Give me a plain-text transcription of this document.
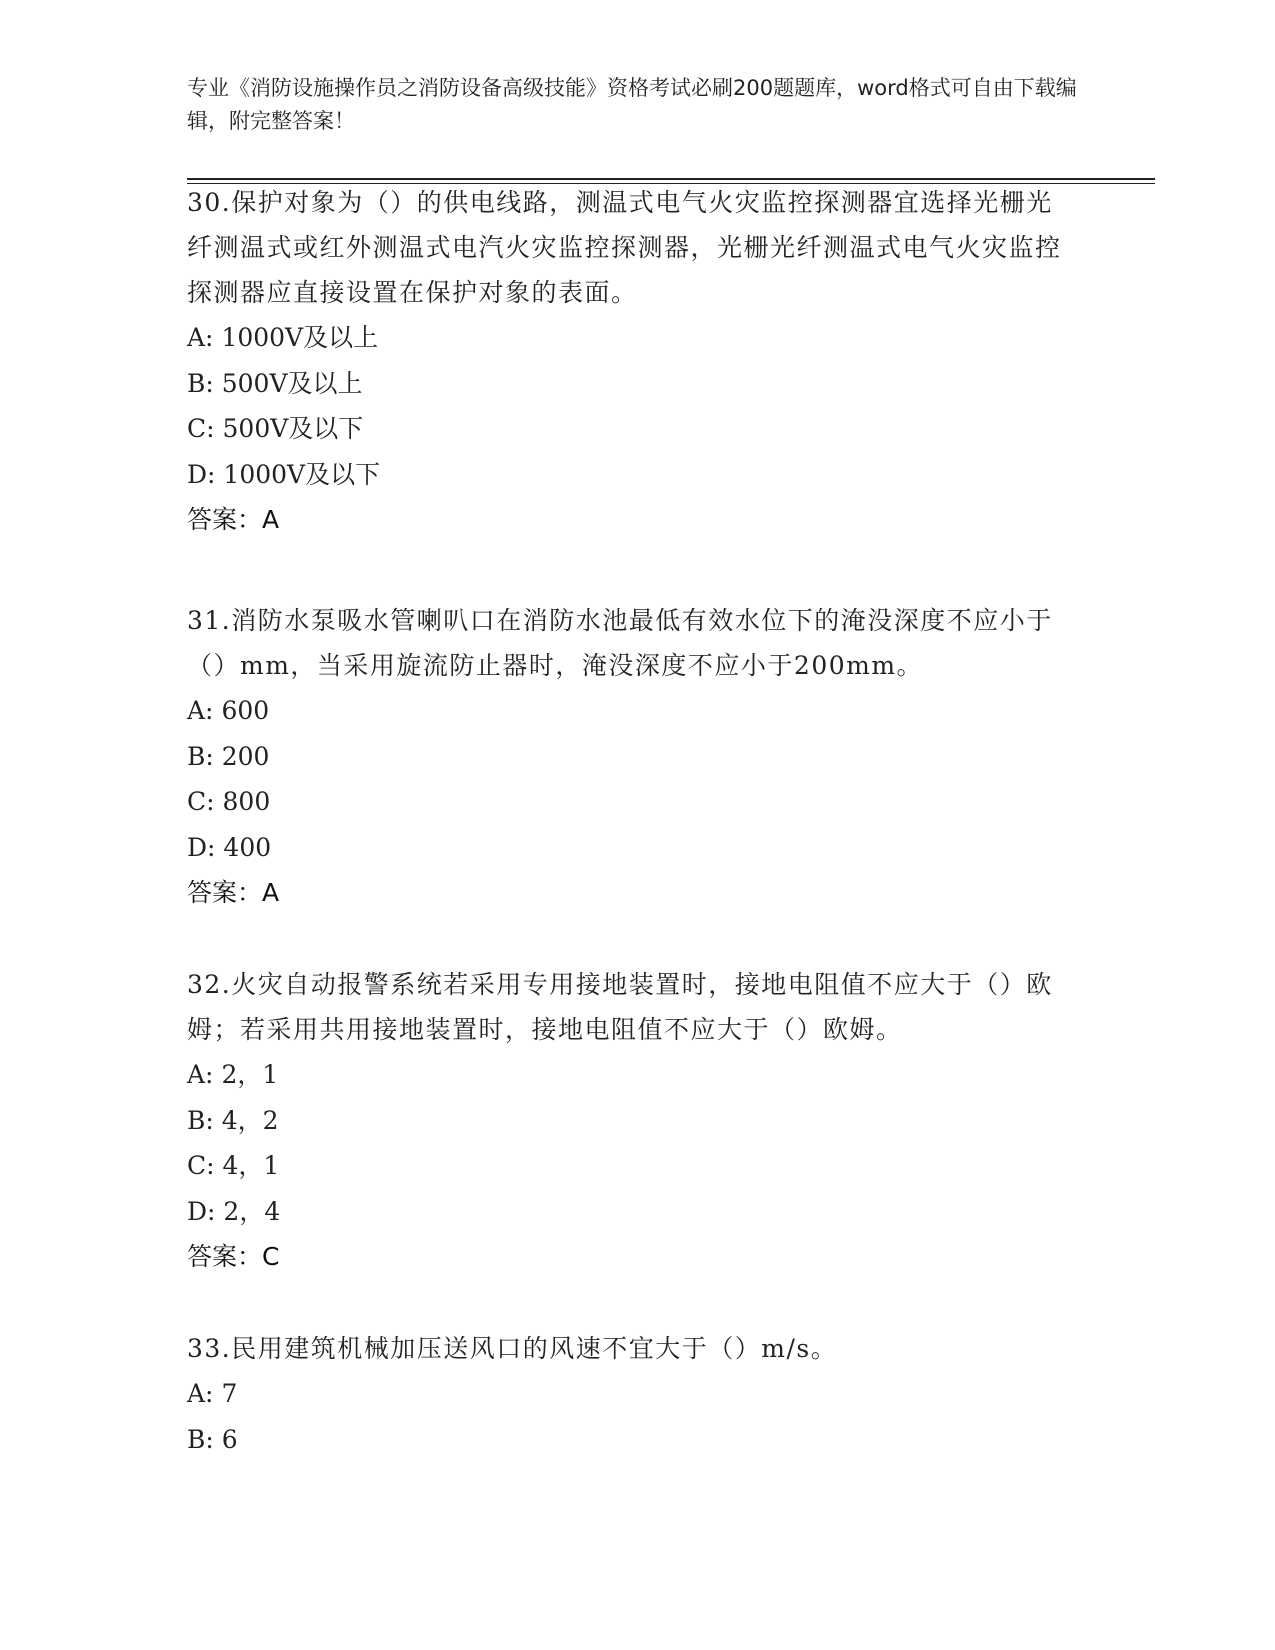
专业《消防设施操作员之消防设备高级技能》资格考试必刷200题题库，word格式可自由下载编辑，附完整答案！

30.保护对象为（）的供电线路，测温式电气火灾监控探测器宜选择光栅光纤测温式或红外测温式电汽火灾监控探测器，光栅光纤测温式电气火灾监控探测器应直接设置在保护对象的表面。

A: 1000V及以上

B: 500V及以上

C: 500V及以下

D: 1000V及以下

答案：A

31.消防水泵吸水管喇叭口在消防水池最低有效水位下的淹没深度不应小于（）mm，当采用旋流防止器时，淹没深度不应小于200mm。

A: 600

B: 200

C: 800

D: 400

答案：A

32.火灾自动报警系统若采用专用接地装置时，接地电阻值不应大于（）欧姆；若采用共用接地装置时，接地电阻值不应大于（）欧姆。

A: 2，1

B: 4，2

C: 4，1

D: 2，4

答案：C

33.民用建筑机械加压送风口的风速不宜大于（）m/s。

A: 7

B: 6
